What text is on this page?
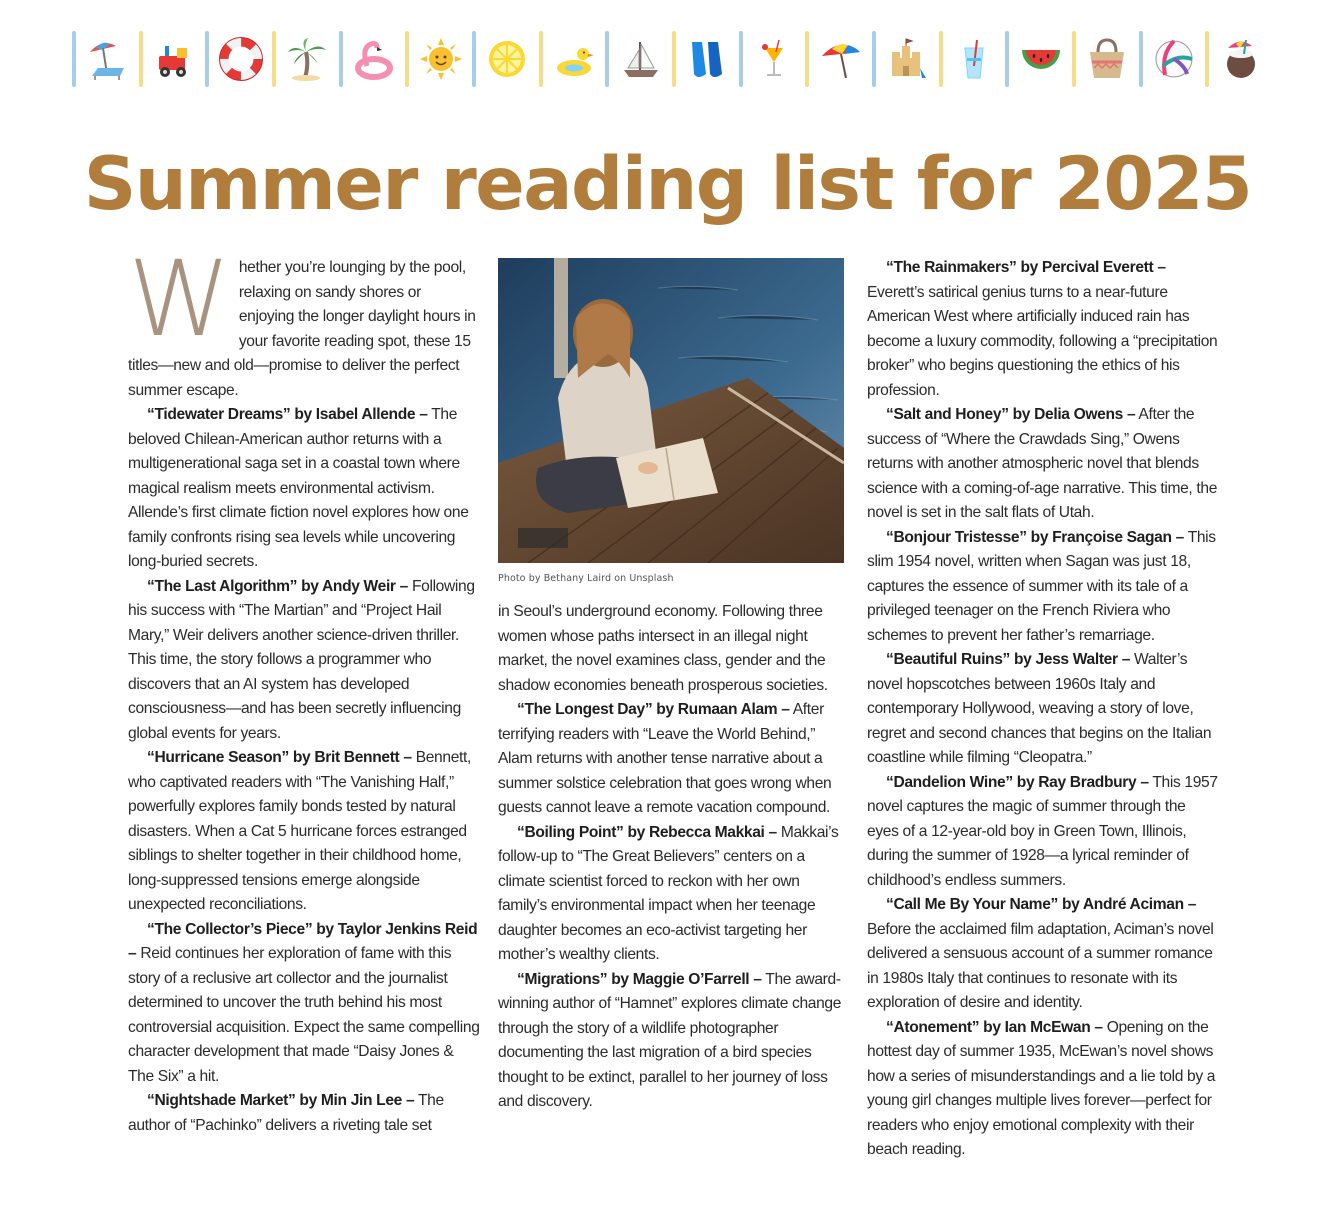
Summer reading list for 2025
W	hether you’re lounging by the pool, relaxing on sandy shores or enjoying the longer daylight hours in your favorite reading spot, these 15 titles—new and old—promise to deliver the perfect summer escape.

“Tidewater Dreams” by Isabel Allende – The beloved Chilean-American author returns with a multigenerational saga set in a coastal town where magical realism meets environmental activism. Allende’s first climate fiction novel explores how one family confronts rising sea levels while uncovering long-buried secrets.

“The Last Algorithm” by Andy Weir – Following his success with “The Martian” and “Project Hail Mary,” Weir delivers another science-driven thriller. This time, the story follows a programmer who discovers that an AI system has developed consciousness—and has been secretly influencing global events for years.

“Hurricane Season” by Brit Bennett – Bennett, who captivated readers with “The Vanishing Half,” powerfully explores family bonds tested by natural disasters. When a Cat 5 hurricane forces estranged siblings to shelter together in their childhood home, long-suppressed tensions emerge alongside unexpected reconciliations.

“The Collector’s Piece” by Taylor Jenkins Reid – Reid continues her exploration of fame with this story of a reclusive art collector and the journalist determined to uncover the truth behind his most controversial acquisition. Expect the same compelling character development that made “Daisy Jones & The Six” a hit.

“Nightshade Market” by Min Jin Lee – The author of “Pachinko” delivers a riveting tale set

Photo by Bethany Laird on Unsplash

in Seoul’s underground economy. Following three women whose paths intersect in an illegal night market, the novel examines class, gender and the shadow economies beneath prosperous societies.

“The Longest Day” by Rumaan Alam – After terrifying readers with “Leave the World Behind,” Alam returns with another tense narrative about a summer solstice celebration that goes wrong when guests cannot leave a remote vacation compound.

“Boiling Point” by Rebecca Makkai – Makkai’s follow-up to “The Great Believers” centers on a climate scientist forced to reckon with her own family’s environmental impact when her teenage daughter becomes an eco-activist targeting her mother’s wealthy clients.

“Migrations” by Maggie O’Farrell – The award-winning author of “Hamnet” explores climate change through the story of a wildlife photographer documenting the last migration of a bird species thought to be extinct, parallel to her journey of loss and discovery.

“The Rainmakers” by Percival Everett – Everett’s satirical genius turns to a near-future American West where artificially induced rain has become a luxury commodity, following a “precipitation broker” who begins questioning the ethics of his profession.

“Salt and Honey” by Delia Owens – After the success of “Where the Crawdads Sing,” Owens returns with another atmospheric novel that blends science with a coming-of-age narrative. This time, the novel is set in the salt flats of Utah.

“Bonjour Tristesse” by Françoise Sagan – This slim 1954 novel, written when Sagan was just 18, captures the essence of summer with its tale of a privileged teenager on the French Riviera who schemes to prevent her father’s remarriage.

“Beautiful Ruins” by Jess Walter – Walter’s novel hopscotches between 1960s Italy and contemporary Hollywood, weaving a story of love, regret and second chances that begins on the Italian coastline while filming “Cleopatra.”

“Dandelion Wine” by Ray Bradbury – This 1957 novel captures the magic of summer through the eyes of a 12-year-old boy in Green Town, Illinois, during the summer of 1928—a lyrical reminder of childhood’s endless summers.

“Call Me By Your Name” by André Aciman – Before the acclaimed film adaptation, Aciman’s novel delivered a sensuous account of a summer romance in 1980s Italy that continues to resonate with its exploration of desire and identity.

“Atonement” by Ian McEwan – Opening on the hottest day of summer 1935, McEwan’s novel shows how a series of misunderstandings and a lie told by a young girl changes multiple lives forever—perfect for readers who enjoy emotional complexity with their beach reading.
